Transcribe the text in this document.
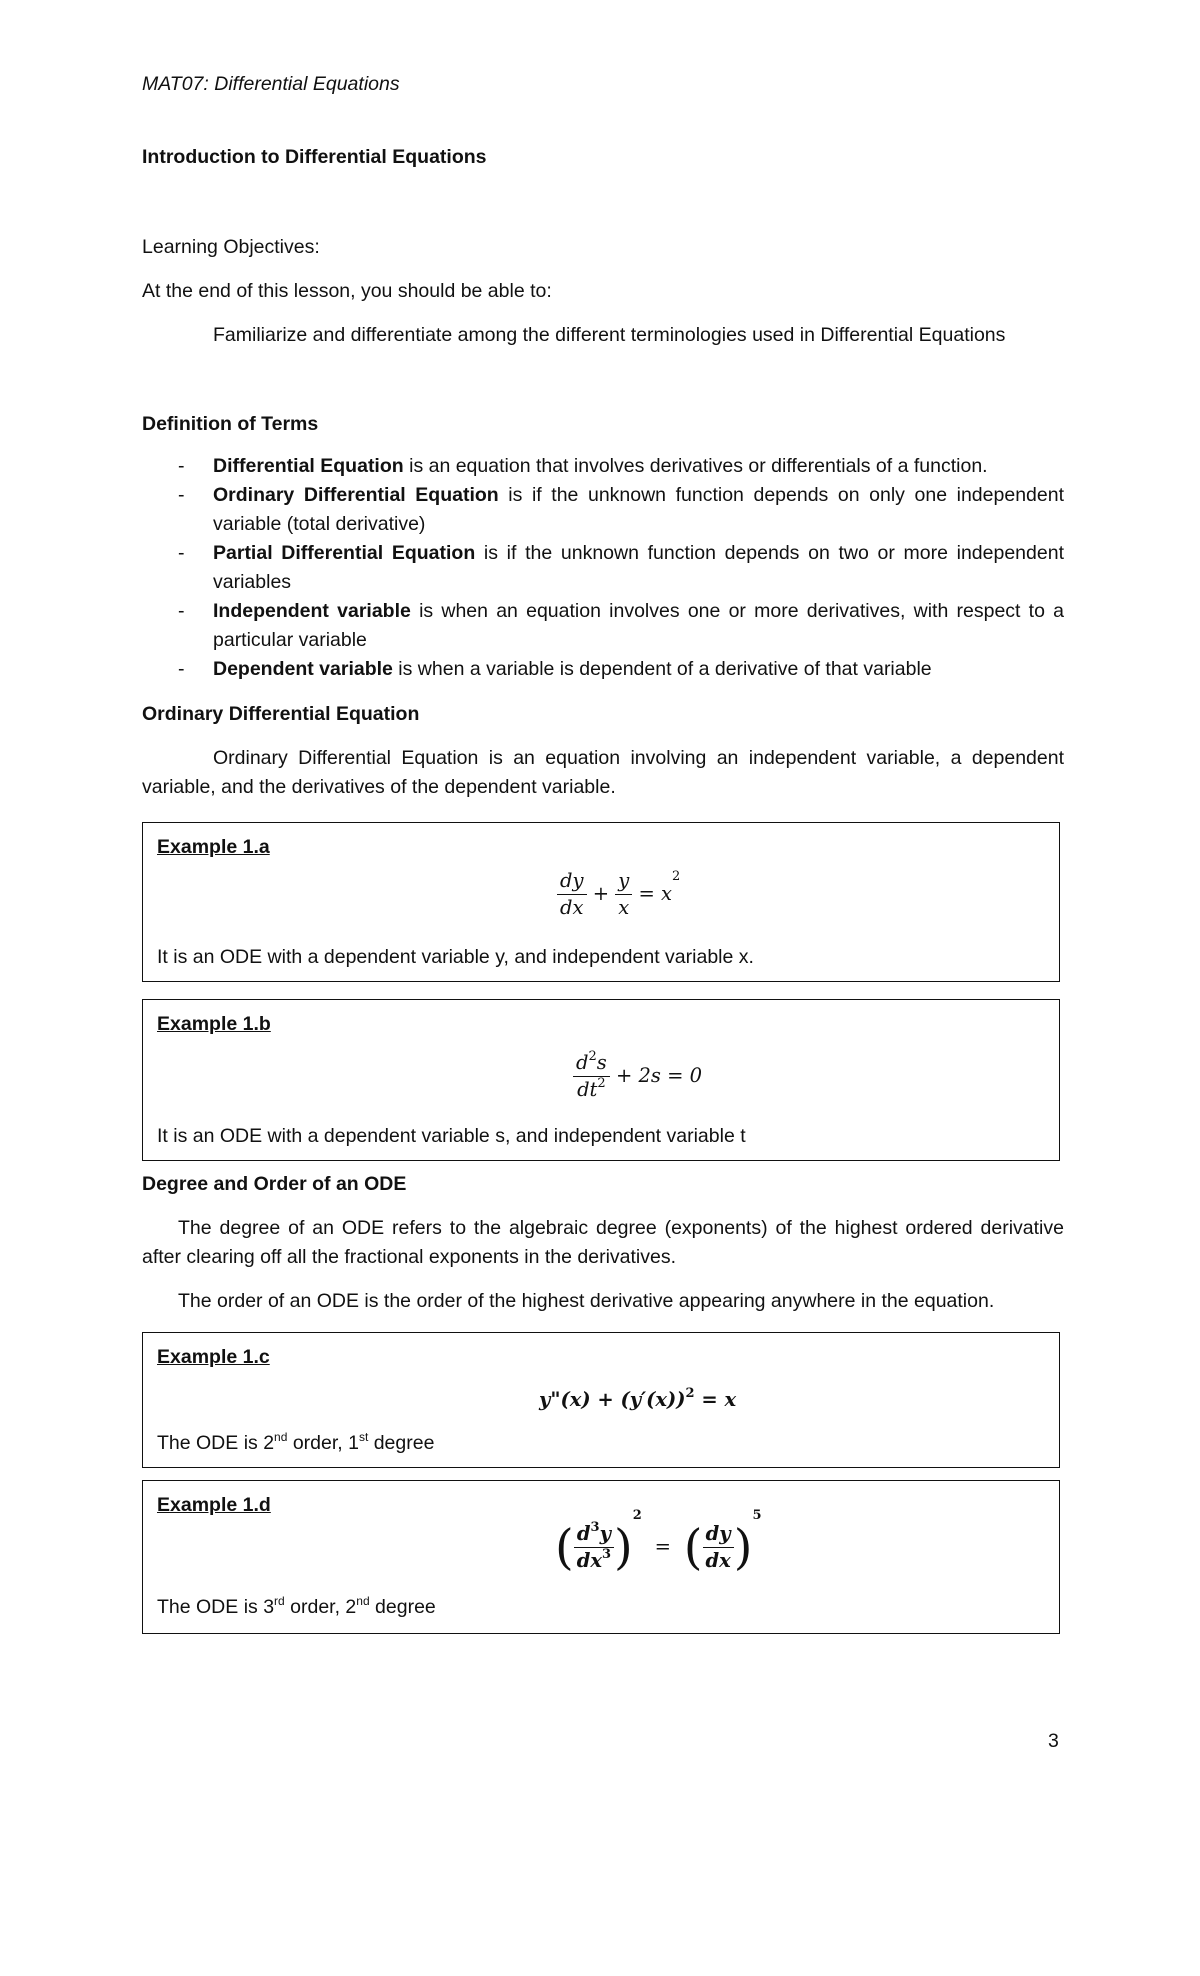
MAT07: Differential Equations
Introduction to Differential Equations
Learning Objectives:
At the end of this lesson, you should be able to:
Familiarize and differentiate among the different terminologies used in Differential Equations
Definition of Terms
- Differential Equation is an equation that involves derivatives or differentials of a function.
- Ordinary Differential Equation is if the unknown function depends on only one independent variable (total derivative)
- Partial Differential Equation is if the unknown function depends on two or more independent variables
- Independent variable is when an equation involves one or more derivatives, with respect to a particular variable
- Dependent variable is when a variable is dependent of a derivative of that variable
Ordinary Differential Equation
Ordinary Differential Equation is an equation involving an independent variable, a dependent variable, and the derivatives of the dependent variable.
Example 1.a
$\frac{dy}{dx} + \frac{y}{x} = x^2$
It is an ODE with a dependent variable y, and independent variable x.
Example 1.b
$\frac{d^2s}{dt^2} + 2s = 0$
It is an ODE with a dependent variable s, and independent variable t
Degree and Order of an ODE
The degree of an ODE refers to the algebraic degree (exponents) of the highest ordered derivative after clearing off all the fractional exponents in the derivatives.
The order of an ODE is the order of the highest derivative appearing anywhere in the equation.
Example 1.c
y"(x) + $(y'(x))^2 = x$
The ODE is 2nd order, 1st degree
Example 1.d
( $\frac{d^3y}{dx^3} )^2$ = ( $\frac{dy}{dx} )^5$
The ODE is 3rd order, 2nd degree
3
